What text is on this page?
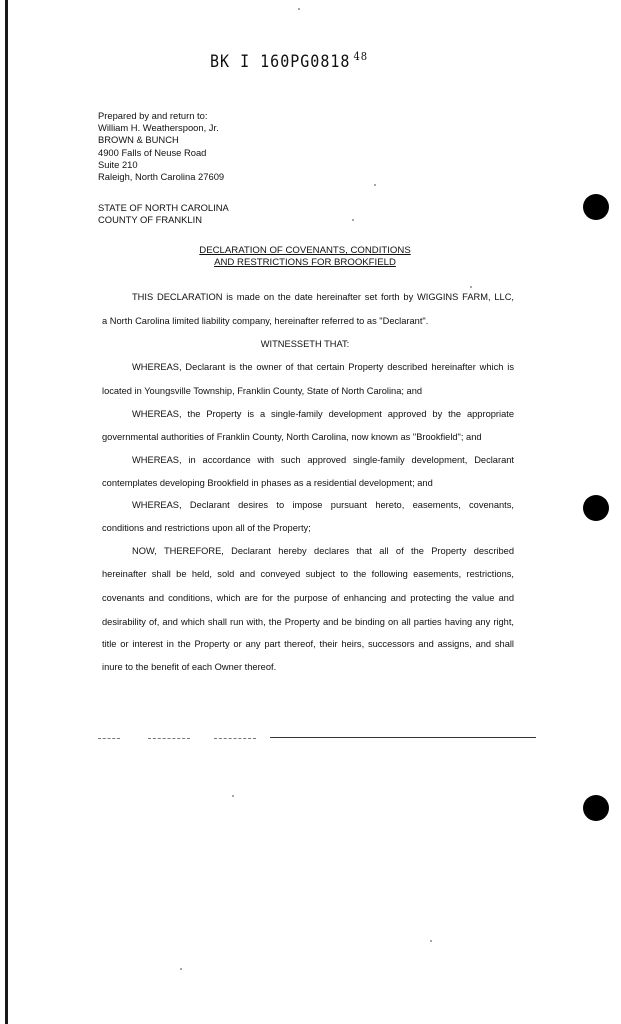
BK I 160PG0818 $^{48}$
Prepared by and return to:
William H. Weatherspoon, Jr.
BROWN & BUNCH
4900 Falls of Neuse Road
Suite 210
Raleigh, North Carolina 27609
STATE OF NORTH CAROLINA
COUNTY OF FRANKLIN
DECLARATION OF COVENANTS, CONDITIONS
AND RESTRICTIONS FOR BROOKFIELD
THIS DECLARATION is made on the date hereinafter set forth by WIGGINS FARM, LLC,
a North Carolina limited liability company, hereinafter referred to as "Declarant".
WITNESSETH THAT:
WHEREAS, Declarant is the owner of that certain Property described hereinafter which is
located in Youngsville Township, Franklin County, State of North Carolina; and
WHEREAS, the Property is a single-family development approved by the appropriate
governmental authorities of Franklin County, North Carolina, now known as "Brookfield"; and
WHEREAS, in accordance with such approved single-family development, Declarant
contemplates developing Brookfield in phases as a residential development; and
WHEREAS, Declarant desires to impose pursuant hereto, easements, covenants,
conditions and restrictions upon all of the Property;
NOW, THEREFORE, Declarant hereby declares that all of the Property described
hereinafter shall be held, sold and conveyed subject to the following easements, restrictions,
covenants and conditions, which are for the purpose of enhancing and protecting the value and
desirability of, and which shall run with, the Property and be binding on all parties having any right,
title or interest in the Property or any part thereof, their heirs, successors and assigns, and shall
inure to the benefit of each Owner thereof.
